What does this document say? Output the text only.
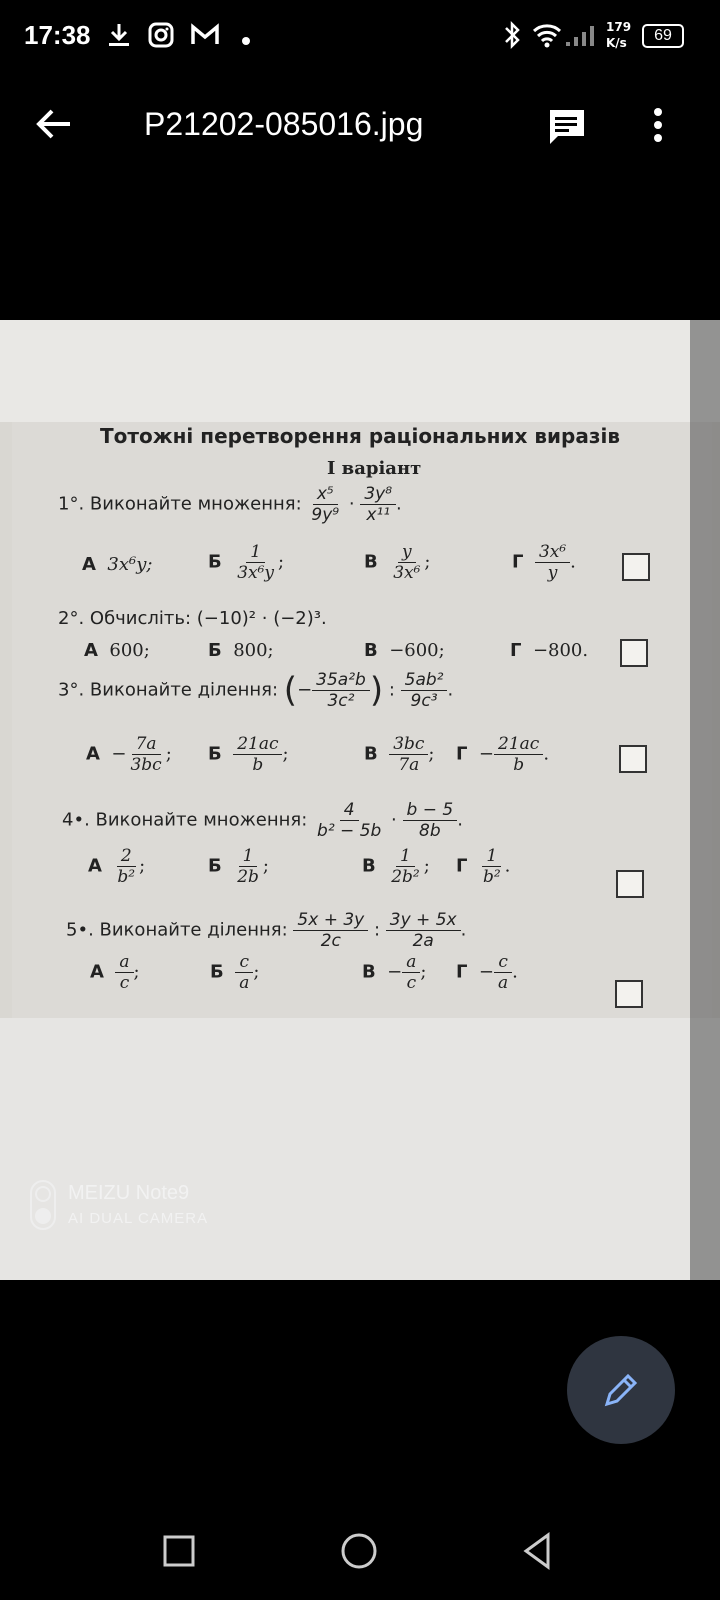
17:38	179
K/s	69
P21202-085016.jpg
Тотожні перетворення раціональних виразів
І варіант
1°. Виконайте множення: $\frac{\text{x⁵}}{\text{9y⁹}} \cdot \frac{\text{3y⁸}}{\text{x¹¹}}$ .
А 3x⁶y;	Б $\frac{1}{\text{3x⁶y}}$ ;	В $\frac{y}{\text{3x⁶}}$ ;	Г $\frac{\text{3x⁶}}{y}$ .
2°. Обчисліть: (−10)² · (−2)³.
А 600;	Б 800;	В −600;	Г −800.
3°. Виконайте ділення: (− $\frac{\text{35a²b}}{\text{3c²}}$ ) : $\frac{\text{5ab²}}{\text{9c³}}$ .
$А - \frac{7a}{3bc}$ ; Б $\frac{21ac}{b}$ ;	В $\frac{3bc}{7a}$ ; $Г - \frac{21ac}{b}$ .
4•. Виконайте множення: $\frac{4}{\text{b² − 5b}} \cdot \frac{b - 5}{8b}$ .
А $\frac{2}{\text{b²}}$ ;	Б $\frac{1}{2b}$ ;	В $\frac{1}{\text{2b²}}$ ; Г $\frac{1}{\text{b²}}$ .
5•. Виконайте ділення: $\frac{5x + 3y}{2c}$ : $\frac{3y + 5x}{2a}$ .
А $\frac{a}{c}$ ;	Б $\frac{c}{a}$ ;	$В - \frac{a}{c}$ ; $Г - \frac{c}{a}$ .
MEIZU Note9
AI DUAL CAMERA
